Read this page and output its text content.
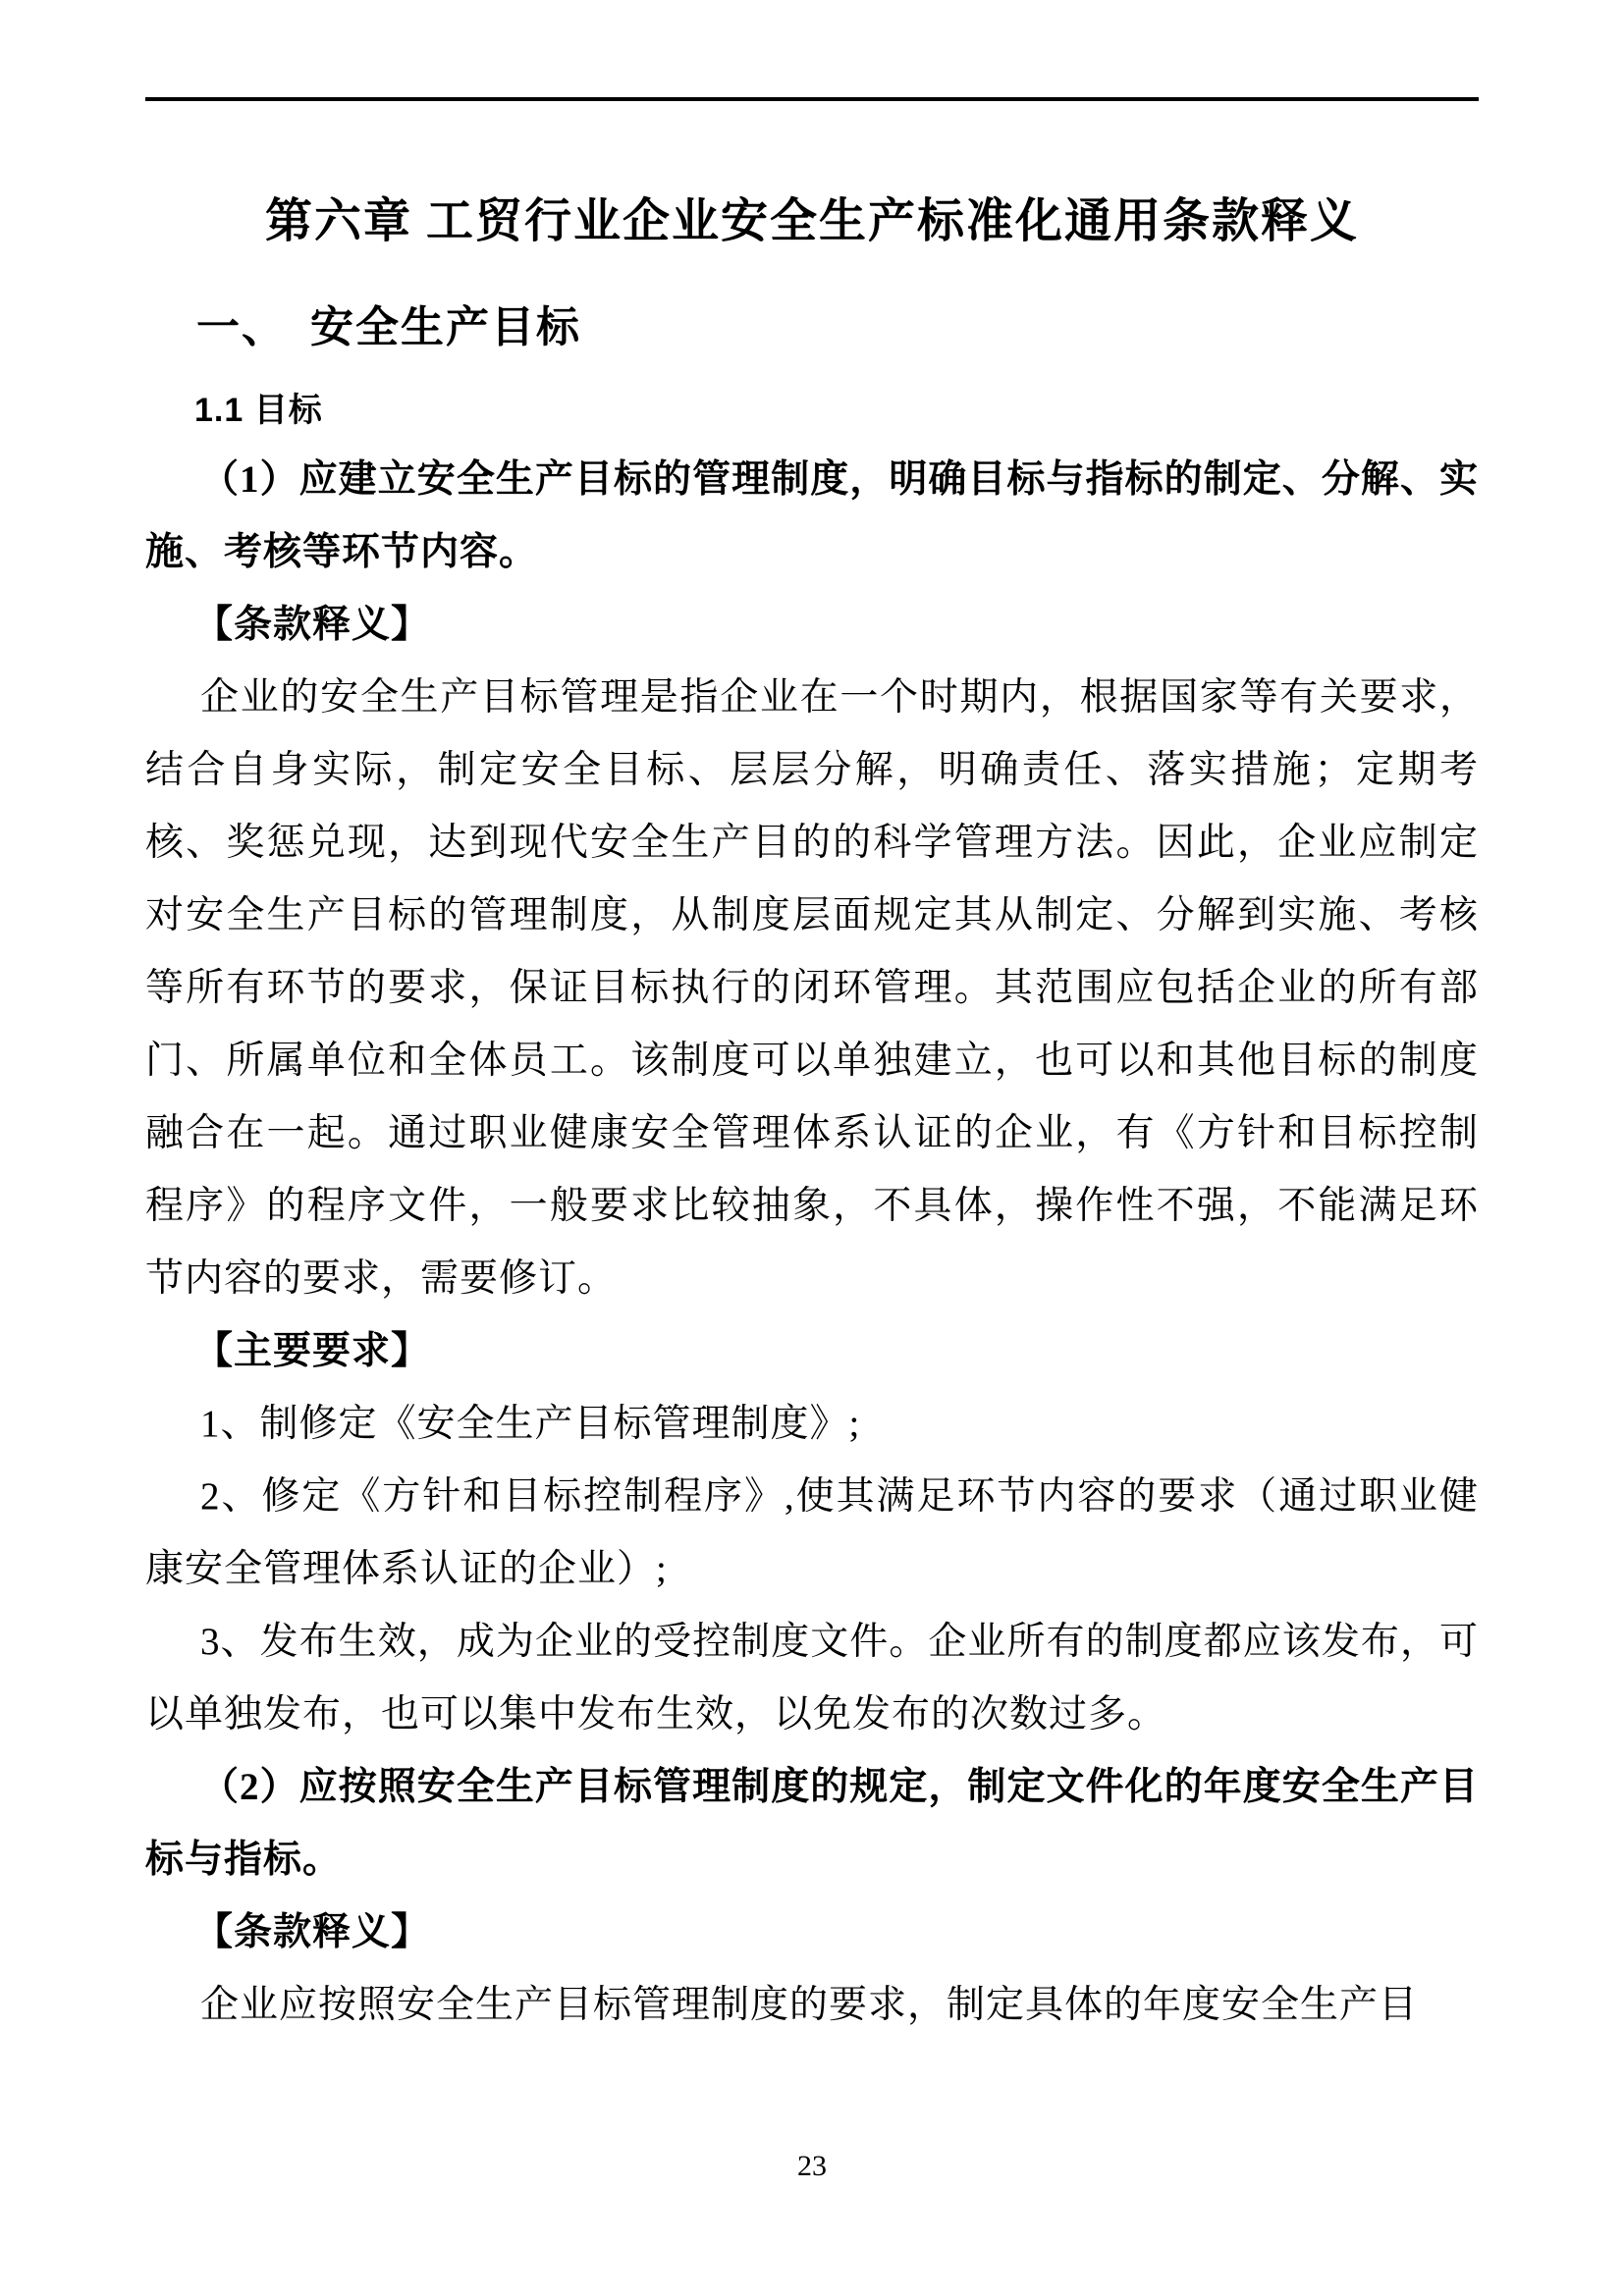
第六章 工贸行业企业安全生产标准化通用条款释义
一、　安全生产目标
1.1 目标

（1）应建立安全生产目标的管理制度，明确目标与指标的制定、分解、实施、考核等环节内容。

【条款释义】

企业的安全生产目标管理是指企业在一个时期内，根据国家等有关要求，结合自身实际，制定安全目标、层层分解，明确责任、落实措施；定期考核、奖惩兑现，达到现代安全生产目的的科学管理方法。因此，企业应制定对安全生产目标的管理制度，从制度层面规定其从制定、分解到实施、考核等所有环节的要求，保证目标执行的闭环管理。其范围应包括企业的所有部门、所属单位和全体员工。该制度可以单独建立，也可以和其他目标的制度融合在一起。通过职业健康安全管理体系认证的企业，有《方针和目标控制程序》的程序文件，一般要求比较抽象，不具体，操作性不强，不能满足环节内容的要求，需要修订。

【主要要求】

1、制修定《安全生产目标管理制度》;

2、修定《方针和目标控制程序》,使其满足环节内容的要求（通过职业健康安全管理体系认证的企业）;

3、发布生效，成为企业的受控制度文件。企业所有的制度都应该发布，可以单独发布，也可以集中发布生效，以免发布的次数过多。

（2）应按照安全生产目标管理制度的规定，制定文件化的年度安全生产目标与指标。

【条款释义】

企业应按照安全生产目标管理制度的要求，制定具体的年度安全生产目

23
